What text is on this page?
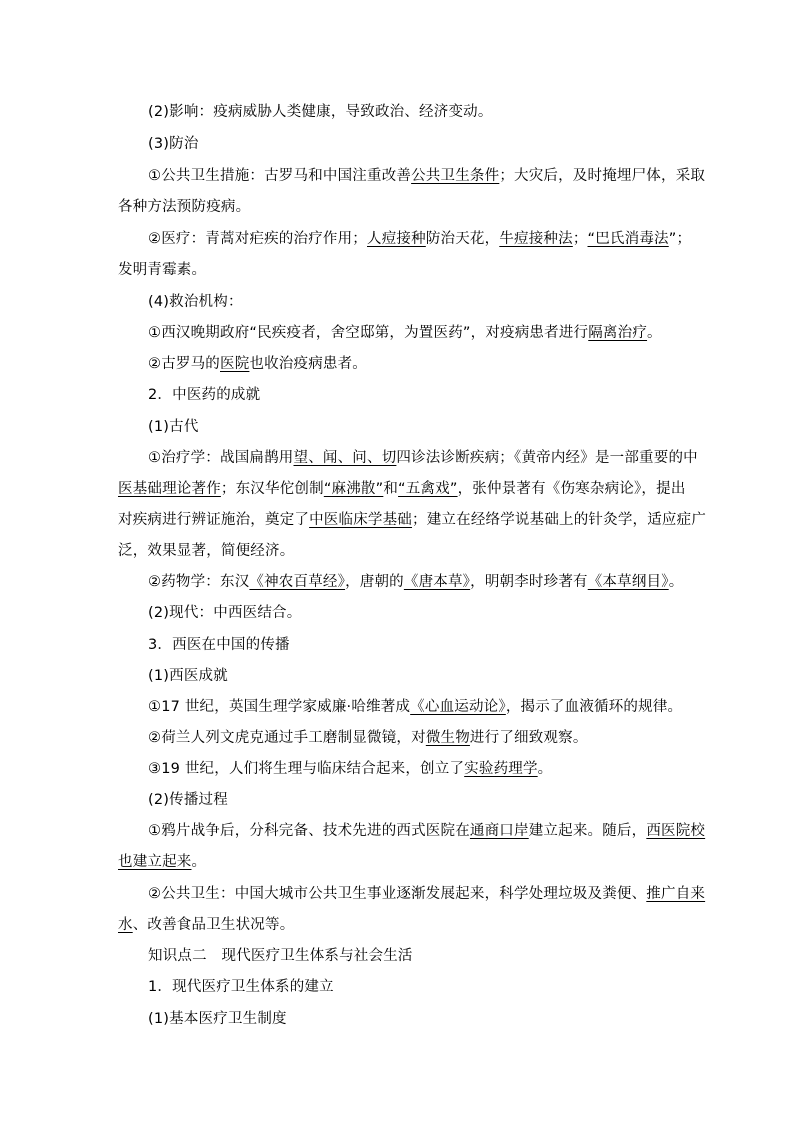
(2)影响：疫病威胁人类健康，导致政治、经济变动。
(3)防治
①公共卫生措施：古罗马和中国注重改善公共卫生条件；大灾后，及时掩埋尸体，采取
各种方法预防疫病。
②医疗：青蒿对疟疾的治疗作用；人痘接种防治天花，牛痘接种法；“巴氏消毒法”；
发明青霉素。
(4)救治机构：
①西汉晚期政府“民疾疫者，舍空邸第，为置医药”，对疫病患者进行隔离治疗。
②古罗马的医院也收治疫病患者。
2．中医药的成就
(1)古代
①治疗学：战国扁鹊用望、闻、问、切四诊法诊断疾病；《黄帝内经》是一部重要的中
医基础理论著作；东汉华佗创制“麻沸散”和“五禽戏”，张仲景著有《伤寒杂病论》，提出
对疾病进行辨证施治，奠定了中医临床学基础；建立在经络学说基础上的针灸学，适应症广
泛，效果显著，简便经济。
②药物学：东汉《神农百草经》，唐朝的《唐本草》，明朝李时珍著有《本草纲目》。
(2)现代：中西医结合。
3．西医在中国的传播
(1)西医成就
①17 世纪，英国生理学家威廉·哈维著成《心血运动论》，揭示了血液循环的规律。
②荷兰人列文虎克通过手工磨制显微镜，对微生物进行了细致观察。
③19 世纪，人们将生理与临床结合起来，创立了实验药理学。
(2)传播过程
①鸦片战争后，分科完备、技术先进的西式医院在通商口岸建立起来。随后，西医院校
也建立起来。
②公共卫生：中国大城市公共卫生事业逐渐发展起来，科学处理垃圾及粪便、推广自来
水、改善食品卫生状况等。
知识点二　现代医疗卫生体系与社会生活
1．现代医疗卫生体系的建立
(1)基本医疗卫生制度
